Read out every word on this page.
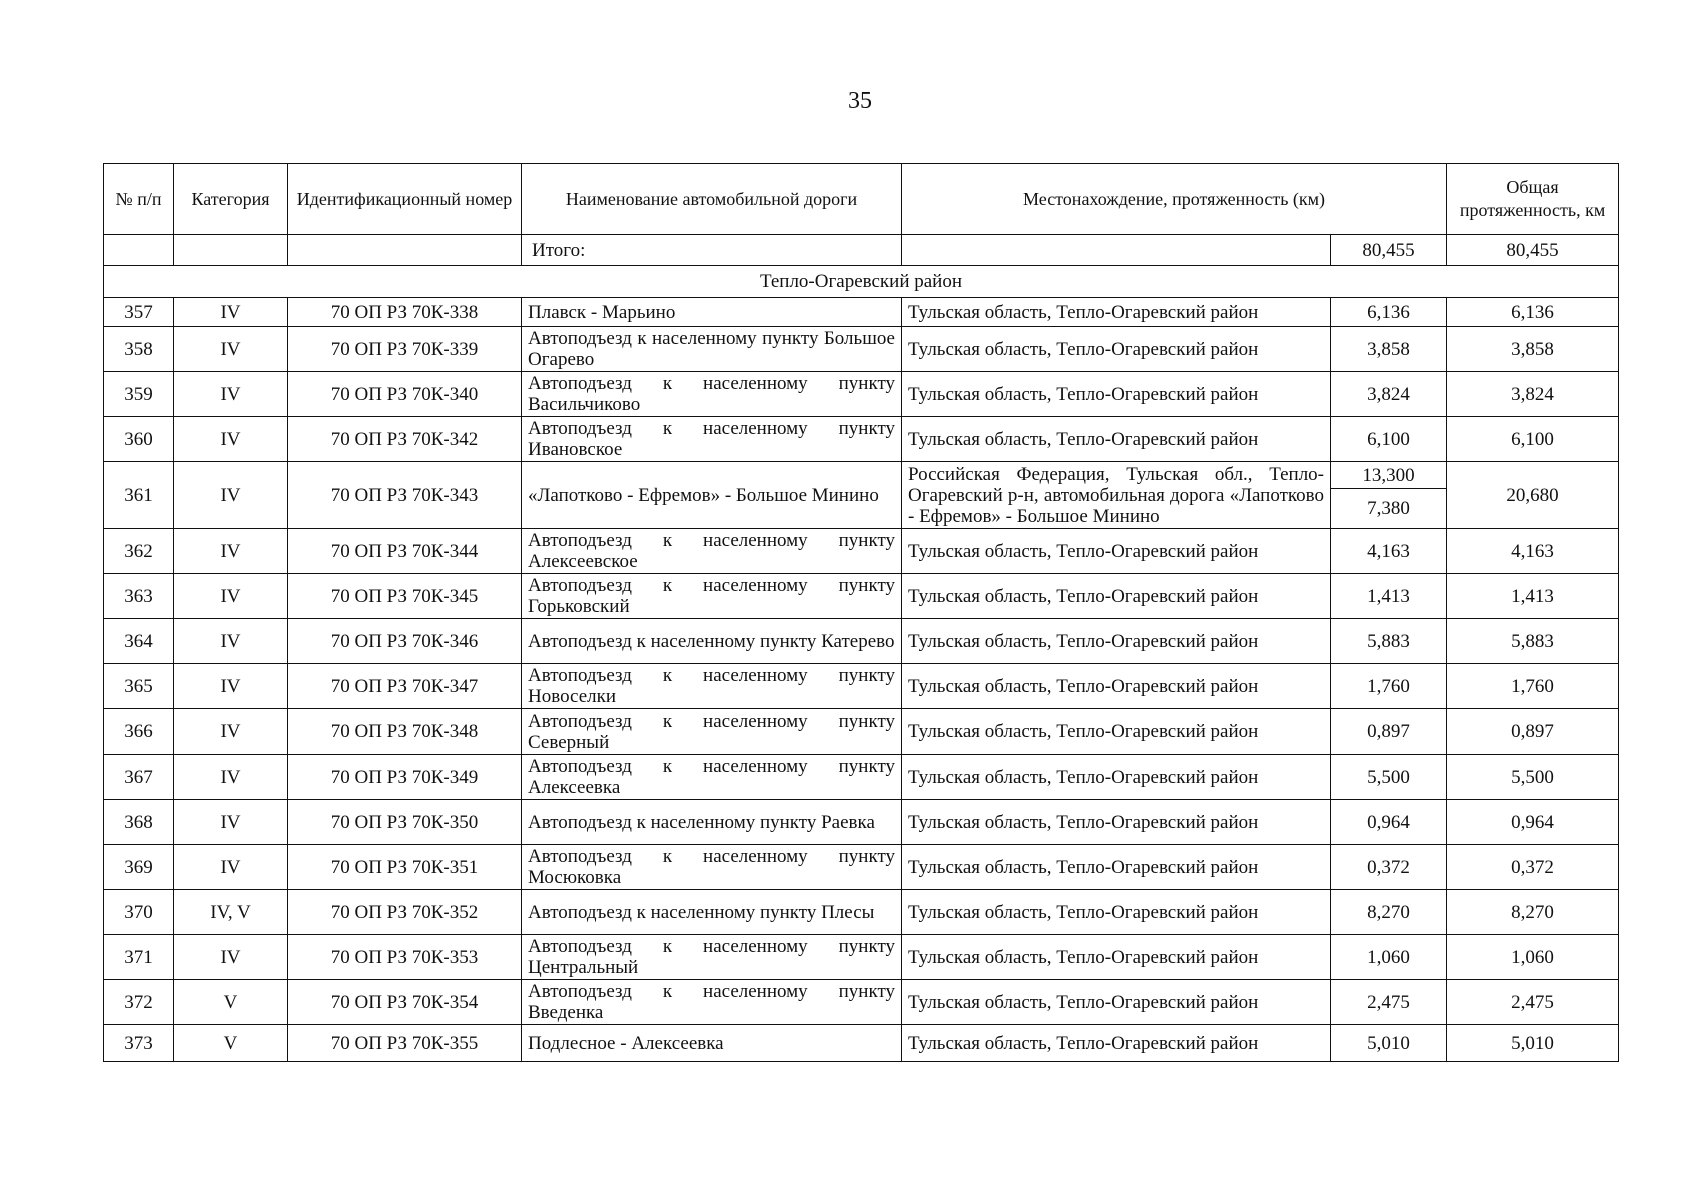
35
№ п/п	Категория	Идентификационный номер	Наименование автомобильной дороги	Местонахождение, протяженность (км)		Общая протяженность, км
			Итого:		80,455	80,455
Тепло-Огаревский район						
357	IV	70 ОП РЗ 70К-338	Плавск - Марьино	Тульская область, Тепло-Огаревский район	6,136	6,136
358	IV	70 ОП РЗ 70К-339	Автоподъезд к населенному пункту Большое Огарево	Тульская область, Тепло-Огаревский район	3,858	3,858
359	IV	70 ОП РЗ 70К-340	Автоподъезд к населенному пункту Васильчиково	Тульская область, Тепло-Огаревский район	3,824	3,824
360	IV	70 ОП РЗ 70К-342	Автоподъезд к населенному пункту Ивановское	Тульская область, Тепло-Огаревский район	6,100	6,100
361	IV	70 ОП РЗ 70К-343	«Лапотково - Ефремов» - Большое Минино	Российская Федерация, Тульская обл., Тепло-Огаревский р-н, автомобильная дорога «Лапотково - Ефремов» - Большое Минино	13,300	20,680
					7,380	
362	IV	70 ОП РЗ 70К-344	Автоподъезд к населенному пункту Алексеевское	Тульская область, Тепло-Огаревский район	4,163	4,163
363	IV	70 ОП РЗ 70К-345	Автоподъезд к населенному пункту Горьковский	Тульская область, Тепло-Огаревский район	1,413	1,413
364	IV	70 ОП РЗ 70К-346	Автоподъезд к населенному пункту Катерево	Тульская область, Тепло-Огаревский район	5,883	5,883
365	IV	70 ОП РЗ 70К-347	Автоподъезд к населенному пункту Новоселки	Тульская область, Тепло-Огаревский район	1,760	1,760
366	IV	70 ОП РЗ 70К-348	Автоподъезд к населенному пункту Северный	Тульская область, Тепло-Огаревский район	0,897	0,897
367	IV	70 ОП РЗ 70К-349	Автоподъезд к населенному пункту Алексеевка	Тульская область, Тепло-Огаревский район	5,500	5,500
368	IV	70 ОП РЗ 70К-350	Автоподъезд к населенному пункту Раевка	Тульская область, Тепло-Огаревский район	0,964	0,964
369	IV	70 ОП РЗ 70К-351	Автоподъезд к населенному пункту Мосюковка	Тульская область, Тепло-Огаревский район	0,372	0,372
370	IV, V	70 ОП РЗ 70К-352	Автоподъезд к населенному пункту Плесы	Тульская область, Тепло-Огаревский район	8,270	8,270
371	IV	70 ОП РЗ 70К-353	Автоподъезд к населенному пункту Центральный	Тульская область, Тепло-Огаревский район	1,060	1,060
372	V	70 ОП РЗ 70К-354	Автоподъезд к населенному пункту Введенка	Тульская область, Тепло-Огаревский район	2,475	2,475
373	V	70 ОП РЗ 70К-355	Подлесное - Алексеевка	Тульская область, Тепло-Огаревский район	5,010	5,010
